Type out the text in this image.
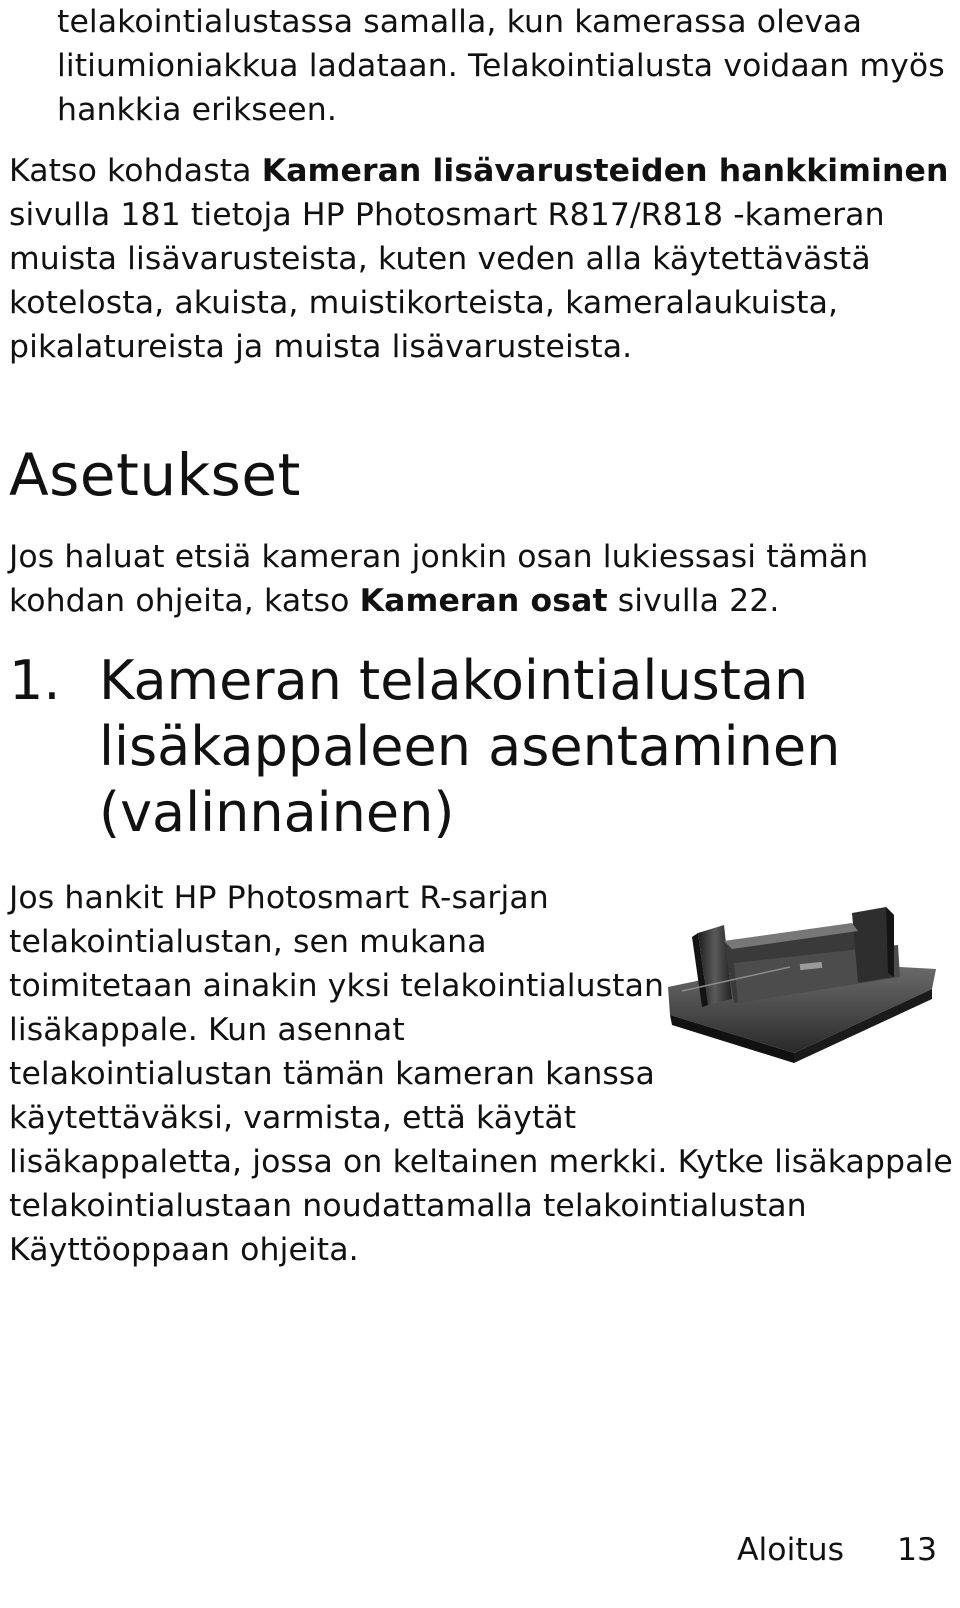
telakointialustassa samalla, kun kamerassa olevaa
litiumioniakkua ladataan. Telakointialusta voidaan myös
hankkia erikseen.
Katso kohdasta Kameran lisävarusteiden hankkiminen
sivulla 181 tietoja HP Photosmart R817/R818 -kameran
muista lisävarusteista, kuten veden alla käytettävästä
kotelosta, akuista, muistikorteista, kameralaukuista,
pikalatureista ja muista lisävarusteista.
Asetukset
Jos haluat etsiä kameran jonkin osan lukiessasi tämän
kohdan ohjeita, katso Kameran osat sivulla 22.
1. Kameran telakointialustan
lisäkappaleen asentaminen
(valinnainen)
Jos hankit HP Photosmart R-sarjan
telakointialustan, sen mukana
toimitetaan ainakin yksi telakointialustan
lisäkappale. Kun asennat
telakointialustan tämän kameran kanssa
käytettäväksi, varmista, että käytät
lisäkappaletta, jossa on keltainen merkki. Kytke lisäkappale
telakointialustaan noudattamalla telakointialustan
Käyttöoppaan ohjeita.
Aloitus 13
